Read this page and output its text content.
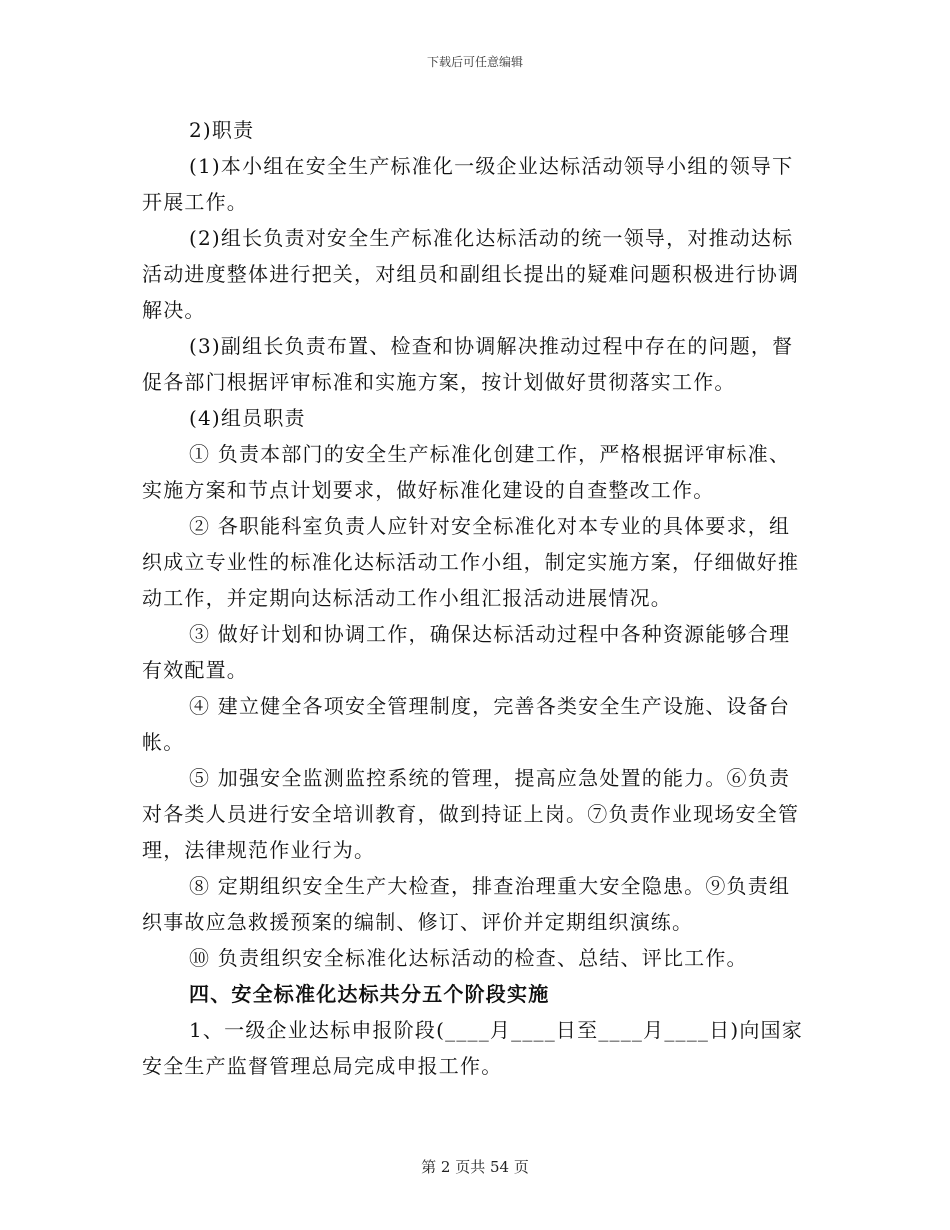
下载后可任意编辑

2)职责

(1)本小组在安全生产标准化一级企业达标活动领导小组的领导下开展工作。

(2)组长负责对安全生产标准化达标活动的统一领导，对推动达标活动进度整体进行把关，对组员和副组长提出的疑难问题积极进行协调解决。

(3)副组长负责布置、检查和协调解决推动过程中存在的问题，督促各部门根据评审标准和实施方案，按计划做好贯彻落实工作。

(4)组员职责

① 负责本部门的安全生产标准化创建工作，严格根据评审标准、实施方案和节点计划要求，做好标准化建设的自查整改工作。

② 各职能科室负责人应针对安全标准化对本专业的具体要求，组织成立专业性的标准化达标活动工作小组，制定实施方案，仔细做好推动工作，并定期向达标活动工作小组汇报活动进展情况。

③ 做好计划和协调工作，确保达标活动过程中各种资源能够合理有效配置。

④ 建立健全各项安全管理制度，完善各类安全生产设施、设备台帐。

⑤ 加强安全监测监控系统的管理，提高应急处置的能力。⑥负责对各类人员进行安全培训教育，做到持证上岗。⑦负责作业现场安全管理，法律规范作业行为。

⑧ 定期组织安全生产大检查，排查治理重大安全隐患。⑨负责组织事故应急救援预案的编制、修订、评价并定期组织演练。

⑩ 负责组织安全标准化达标活动的检查、总结、评比工作。

四、安全标准化达标共分五个阶段实施

1、一级企业达标申报阶段(____月____日至____月____日)向国家安全生产监督管理总局完成申报工作。

第 2 页共 54 页
